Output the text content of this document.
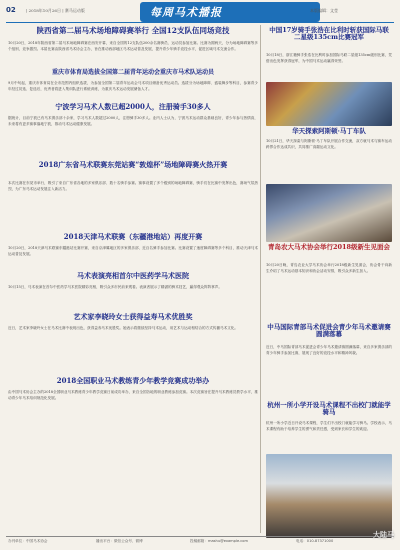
02	| 2018年10月26日 | 赛马运动版	每周马术播报	本版编辑：文莹
陕西省第二届马术场地障碍赛举行 全国12支队伍同场竞技

10月20日，2018年陕西省第二届马术场地障碍赛在西安开幕，来自全国的12支队伍200余名赛骑员、运动员参加比赛。比赛为期两天，分为场地障碍赛等多个组别，竞争激烈。本届比赛由陕西省马术协会主办，旨在推动西部地区马术运动普及发展，提升青少年骑手竞技水平，促进区域马术交流合作。

重庆市体育局选拔全国第二届青年运动会重庆市马术队运动员

9月中旬起，重庆市体育局在全市范围内组织选拔，为参加全国第二届青年运动会马术项目储备优秀运动员。选拔分为场地障碍、盛装舞步等科目，参赛青少年经过初选、复选后，优秀者将进入集训队进行系统训练，为重庆马术运动发展储备人才。

宁波学习马术人数已超2000人，注册骑手30多人

据统计，目前宁波已有马术俱乐部十余家，学习马术人数超过2000人，注册骑手30多人。业内人士认为，宁波马术运动群众基础良好，青少年参与热情高，未来将有更多赛事落地宁波，推动马术运动健康发展。

2018广东省马术联赛东莞站赛“敦煌杯”场地障碍赛火热开赛

本次比赛在东莞市举行，吸引了来自广东省各地的多家俱乐部、数十名骑手参赛。赛事设置了多个级别的场地障碍赛，骑手们在比赛中发挥出色，赛场气氛热烈，为广东马术运动发展注入新活力。

2018天津马术联赛（东疆港地站）再度开赛

10月20日，2018天津马术联赛东疆港站比赛开赛，来自京津冀地区的多家俱乐部、近百名骑手参加比赛。比赛设置了速度障碍赛等多个科目，推动天津马术运动普及发展。

马术表演亮相首尔中医药学马术医院

10月15日，马术表演在首尔中医药学马术医院精彩亮相，吸引众多市民前来观看。表演者展示了精湛的骑术技艺，赢得观众阵阵掌声。

艺术家李晓玲女士获得益寿马术优胜奖

近日，艺术家李晓玲女士在马术比赛中表现出色，获得益寿马术优胜奖。她表示将继续坚持马术运动，用艺术与运动相结合的方式传播马术文化。

2018全国职业马术教练青少年教学竞赛成功举办

由中国马术协会主办的2018全国职业马术教练青少年教学竞赛日前成功举办，来自全国各地的职业教练参加竞赛。本次竞赛旨在提升马术教练员教学水平，推动青少年马术培训规范化发展。

中国17岁骑手张浩在比利时斩获国际马联二星级135cm比赛冠军

10月18日，浙江籍骑手张浩在比利时参加国际马联二星级135cm级别比赛，凭借出色发挥获得冠军，为中国马术运动赢得荣誉。

华天探索阿斯顿·马丁车队

10月21日，华天探索与阿斯顿·马丁车队开展合作交流，双方就马术与赛车运动跨界合作达成共识，共同推广高端运动文化。

青岛农大马术协会举行2018级新生见面会

10月20日晚，青岛农业大学马术协会举行2018级新生见面会，协会骨干向新生介绍了马术运动基本知识和协会活动安排，吸引众多新生加入。

中马国际青部马术促进会青少年马术邀请赛圆满落幕

近日，中马国际青部马术促进会青少年马术邀请赛圆满落幕，来自多家俱乐部的青少年骑手参加比赛，展现了良好的竞技水平和精神风貌。

杭州一所小学开设马术课程不出校门就能学骑马

杭州一所小学近日开设马术课程，学生们不出校门就能学习骑马。学校表示，马术课程有助于培养学生的勇气和责任感，受到家长和学生的欢迎。

办刊单位：中国马术协会	播出平台：微信公众号、微博	投稿邮箱：mashu@example.com	电话：010-87371000
大陆马
